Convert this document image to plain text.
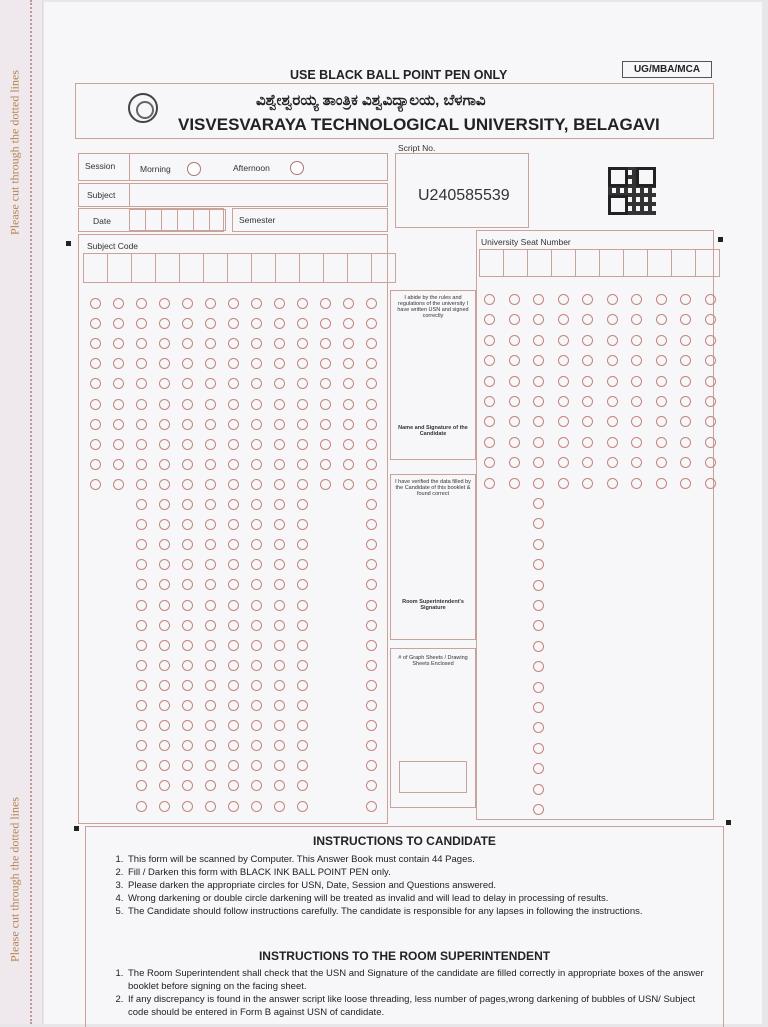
Please cut through the dotted lines
Please cut through the dotted lines
USE BLACK BALL POINT PEN ONLY	UG/MBA/MCA
ವಿಶ್ವೇಶ್ವರಯ್ಯ ತಾಂತ್ರಿಕ ವಿಶ್ವವಿದ್ಯಾಲಯ, ಬೆಳಗಾವಿ
VISVESVARAYA TECHNOLOGICAL UNIVERSITY, BELAGAVI
Session	Morning	Afternoon
Subject
Date	Semester
Script No.
U240585539
Subject Code
I abide by the rules and regulations of the university I have written USN and signed correctly
Name and Signature of the Candidate
I have verified the data filled by the Candidate of this booklet & found correct
Room Superintendent's Signature
# of Graph Sheets / Drawing Sheets Enclosed
University Seat Number
INSTRUCTIONS TO CANDIDATE
1. This form will be scanned by Computer. This Answer Book must contain 44 Pages.
2. Fill / Darken this form with BLACK INK BALL POINT PEN only.
3. Please darken the appropriate circles for USN, Date, Session and Questions answered.
4. Wrong darkening or double circle darkening will be treated as invalid and will lead to delay in processing of results.
5. The Candidate should follow instructions carefully. The candidate is responsible for any lapses in following the instructions.
INSTRUCTIONS TO THE ROOM SUPERINTENDENT
1. The Room Superintendent shall check that the USN and Signature of the candidate are filled correctly in appropriate boxes of the answer booklet before signing on the facing sheet.
2. If any discrepancy is found in the answer script like loose threading, less number of pages,wrong darkening of bubbles of USN/ Subject code should be entered in Form B against USN of candidate.
